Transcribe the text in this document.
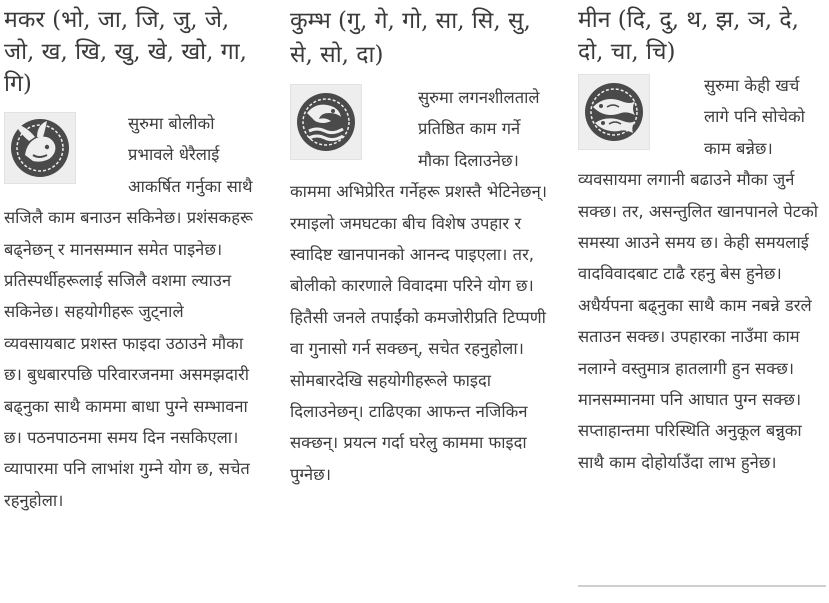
मकर (भो, जा, जि, जु, जे, जो, ख, खि, खु, खे, खो, गा, गि)
सुरुमा बोलीको प्रभावले धेरैलाई आकर्षित गर्नुका साथै सजिलै काम बनाउन सकिनेछ। प्रशंसकहरू बढ्नेछन् र मानसम्मान समेत पाइनेछ। प्रतिस्पर्धीहरूलाई सजिलै वशमा ल्याउन सकिनेछ। सहयोगीहरू जुट्नाले व्यवसायबाट प्रशस्त फाइदा उठाउने मौका छ। बुधबारपछि परिवारजनमा असमझदारी बढ्नुका साथै काममा बाधा पुग्ने सम्भावना छ। पठनपाठनमा समय दिन नसकिएला। व्यापारमा पनि लाभांश गुम्ने योग छ, सचेत रहनुहोला।
कुम्भ (गु, गे, गो, सा, सि, सु, से, सो, दा)
सुरुमा लगनशीलताले प्रतिष्ठित काम गर्ने मौका दिलाउनेछ। काममा अभिप्रेरित गर्नेहरू प्रशस्तै भेटिनेछन्। रमाइलो जमघटका बीच विशेष उपहार र स्वादिष्ट खानपानको आनन्द पाइएला। तर, बोलीको कारणाले विवादमा परिने योग छ। हितैसी जनले तपाईंको कमजोरीप्रति टिप्पणी वा गुनासो गर्न सक्छन्, सचेत रहनुहोला। सोमबारदेखि सहयोगीहरूले फाइदा दिलाउनेछन्। टाढिएका आफन्त नजिकिन सक्छन्। प्रयत्न गर्दा घरेलु काममा फाइदा पुग्नेछ।
मीन (दि, दु, थ, झ, ञ, दे, दो, चा, चि)
सुरुमा केही खर्च लागे पनि सोचेको काम बन्नेछ। व्यवसायमा लगानी बढाउने मौका जुर्न सक्छ। तर, असन्तुलित खानपानले पेटको समस्या आउने समय छ। केही समयलाई वादविवादबाट टाढै रहनु बेस हुनेछ। अधैर्यपना बढ्नुका साथै काम नबन्ने डरले सताउन सक्छ। उपहारका नाउँमा काम नलाग्ने वस्तुमात्र हातलागी हुन सक्छ। मानसम्मानमा पनि आघात पुग्न सक्छ। सप्ताहान्तमा परिस्थिति अनुकूल बन्नुका साथै काम दोहोर्याउँदा लाभ हुनेछ।
